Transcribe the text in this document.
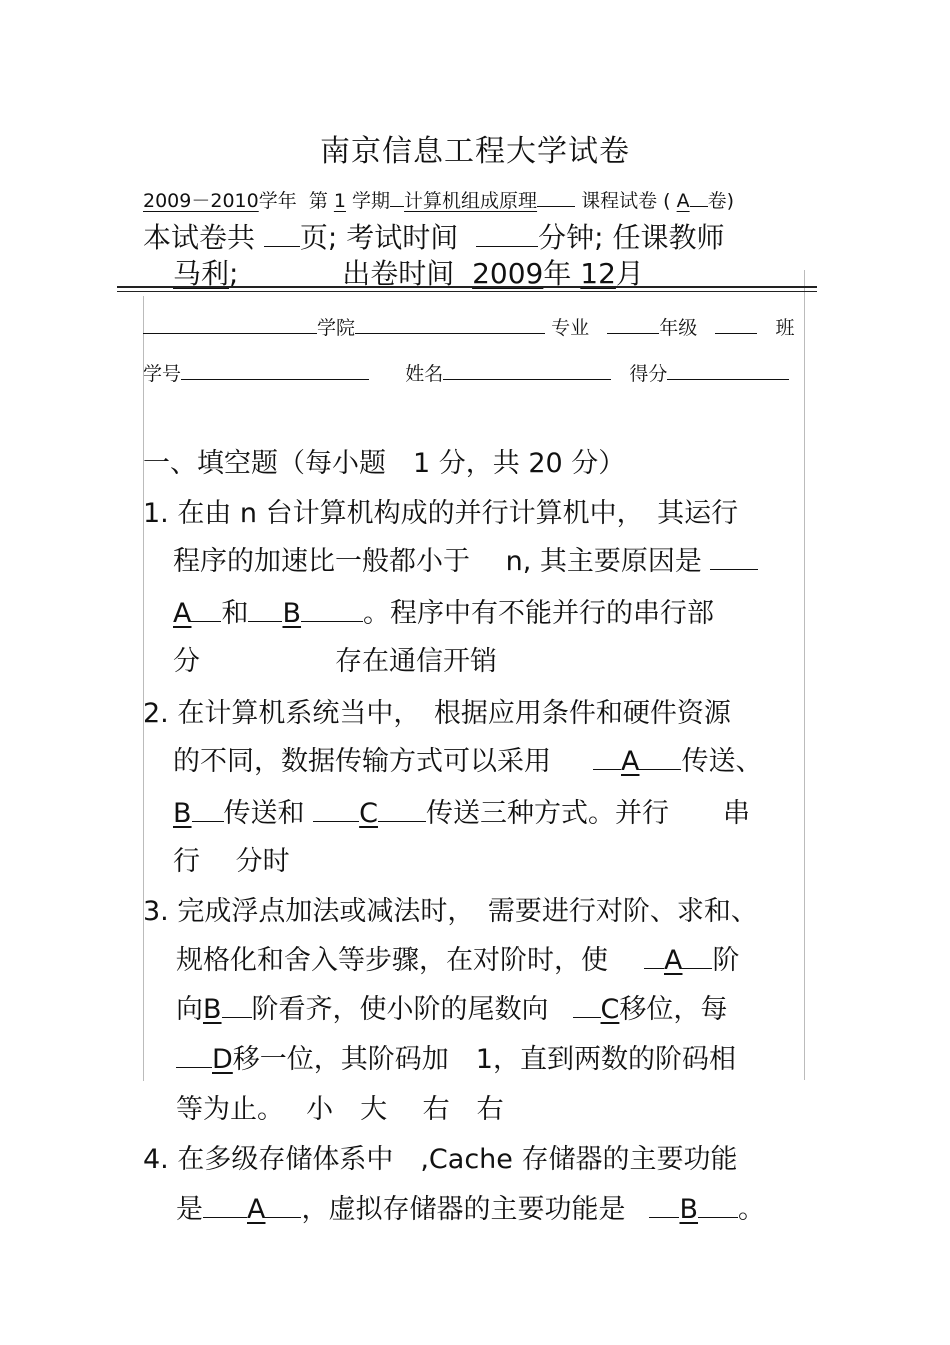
南京信息工程大学试卷
2009－2010学年 第 1 学期 计算机组成原理 课程试卷 ( A 卷)
本试卷共 页; 考试时间	分钟; 任课教师
马利;	出卷时间 2009年 12月
学院	专业	年级	班
学号	姓名	得分
一、填空题（每小题　1 分，共 20 分）
1. 在由 n 台计算机构成的并行计算机中，　其运行
程序的加速比一般都小于　 n, 其主要原因是
A 和 B 。程序中有不能并行的串行部
分　　　　　存在通信开销
2. 在计算机系统当中，　根据应用条件和硬件资源
的不同，数据传输方式可以采用	A 传送、
B 传送和 C 传送三种方式。并行　　串
行　 分时
3. 完成浮点加法或减法时，　需要进行对阶、求和、
规格化和舍入等步骤，在对阶时，使 A 阶
向B 阶看齐，使小阶的尾数向 C移位，每
D移一位，其阶码加　1，直到两数的阶码相
等为止。　 小　大　 右　右
4. 在多级存储体系中　,Cache 存储器的主要功能
是 A ，虚拟存储器的主要功能是 B 。
